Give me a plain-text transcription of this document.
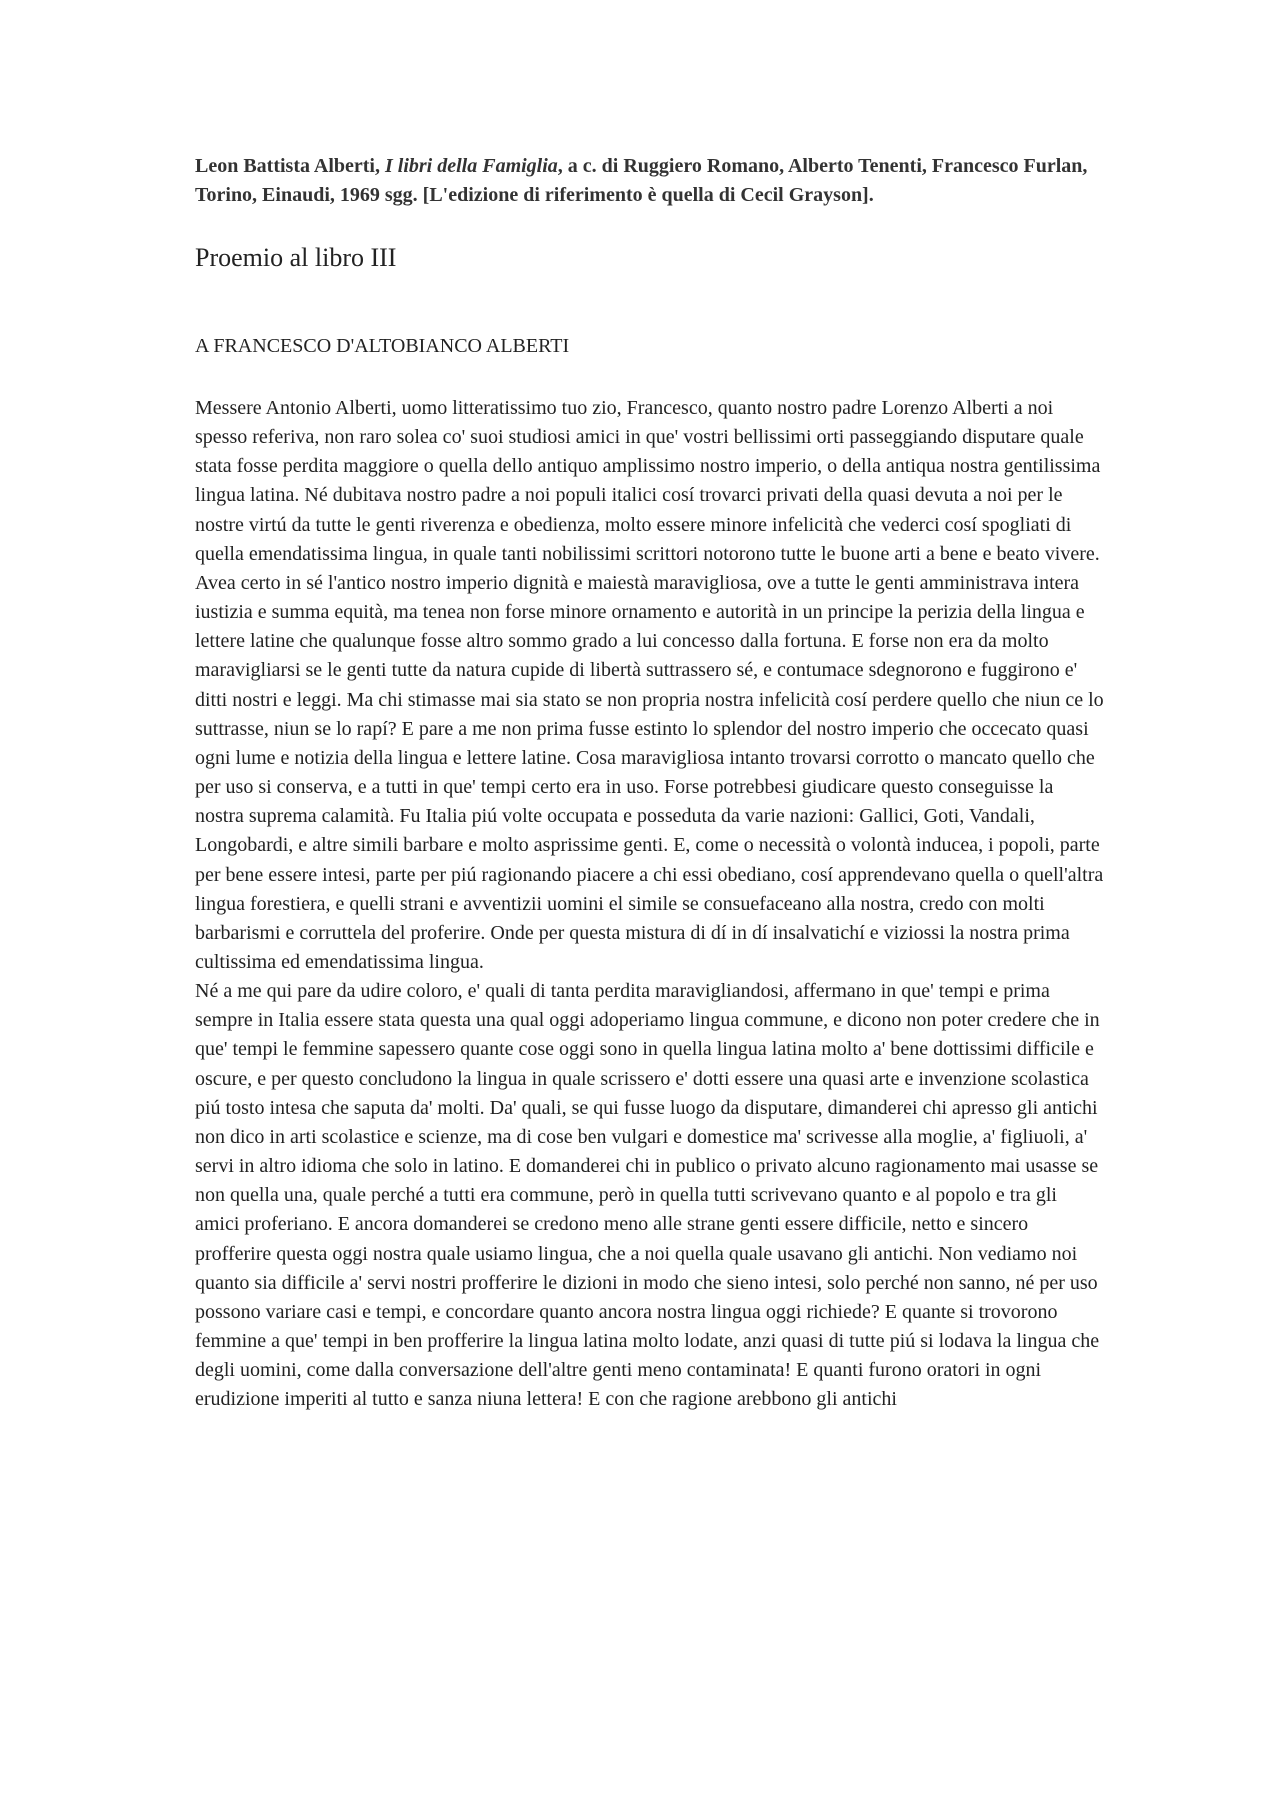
Leon Battista Alberti, I libri della Famiglia, a c. di Ruggiero Romano, Alberto Tenenti, Francesco Furlan, Torino, Einaudi, 1969 sgg. [L'edizione di riferimento è quella di Cecil Grayson].

Proemio al libro III
A FRANCESCO D'ALTOBIANCO ALBERTI

Messere Antonio Alberti, uomo litteratissimo tuo zio, Francesco, quanto nostro padre Lorenzo Alberti a noi spesso referiva, non raro solea co' suoi studiosi amici in que' vostri bellissimi orti passeggiando disputare quale stata fosse perdita maggiore o quella dello antiquo amplissimo nostro imperio, o della antiqua nostra gentilissima lingua latina. Né dubitava nostro padre a noi populi italici cosí trovarci privati della quasi devuta a noi per le nostre virtú da tutte le genti riverenza e obedienza, molto essere minore infelicità che vederci cosí spogliati di quella emendatissima lingua, in quale tanti nobilissimi scrittori notorono tutte le buone arti a bene e beato vivere. Avea certo in sé l'antico nostro imperio dignità e maiestà maravigliosa, ove a tutte le genti amministrava intera iustizia e summa equità, ma tenea non forse minore ornamento e autorità in un principe la perizia della lingua e lettere latine che qualunque fosse altro sommo grado a lui concesso dalla fortuna. E forse non era da molto maravigliarsi se le genti tutte da natura cupide di libertà suttrassero sé, e contumace sdegnorono e fuggirono e' ditti nostri e leggi. Ma chi stimasse mai sia stato se non propria nostra infelicità cosí perdere quello che niun ce lo suttrasse, niun se lo rapí? E pare a me non prima fusse estinto lo splendor del nostro imperio che occecato quasi ogni lume e notizia della lingua e lettere latine. Cosa maravigliosa intanto trovarsi corrotto o mancato quello che per uso si conserva, e a tutti in que' tempi certo era in uso. Forse potrebbesi giudicare questo conseguisse la nostra suprema calamità. Fu Italia piú volte occupata e posseduta da varie nazioni: Gallici, Goti, Vandali, Longobardi, e altre simili barbare e molto asprissime genti. E, come o necessità o volontà inducea, i popoli, parte per bene essere intesi, parte per piú ragionando piacere a chi essi obediano, cosí apprendevano quella o quell'altra lingua forestiera, e quelli strani e avventizii uomini el simile se consuefaceano alla nostra, credo con molti barbarismi e corruttela del proferire. Onde per questa mistura di dí in dí insalvatichí e viziossi la nostra prima cultissima ed emendatissima lingua.

Né a me qui pare da udire coloro, e' quali di tanta perdita maravigliandosi, affermano in que' tempi e prima sempre in Italia essere stata questa una qual oggi adoperiamo lingua commune, e dicono non poter credere che in que' tempi le femmine sapessero quante cose oggi sono in quella lingua latina molto a' bene dottissimi difficile e oscure, e per questo concludono la lingua in quale scrissero e' dotti essere una quasi arte e invenzione scolastica piú tosto intesa che saputa da' molti. Da' quali, se qui fusse luogo da disputare, dimanderei chi apresso gli antichi non dico in arti scolastice e scienze, ma di cose ben vulgari e domestice ma' scrivesse alla moglie, a' figliuoli, a' servi in altro idioma che solo in latino. E domanderei chi in publico o privato alcuno ragionamento mai usasse se non quella una, quale perché a tutti era commune, però in quella tutti scrivevano quanto e al popolo e tra gli amici proferiano. E ancora domanderei se credono meno alle strane genti essere difficile, netto e sincero profferire questa oggi nostra quale usiamo lingua, che a noi quella quale usavano gli antichi. Non vediamo noi quanto sia difficile a' servi nostri profferire le dizioni in modo che sieno intesi, solo perché non sanno, né per uso possono variare casi e tempi, e concordare quanto ancora nostra lingua oggi richiede? E quante si trovorono femmine a que' tempi in ben profferire la lingua latina molto lodate, anzi quasi di tutte piú si lodava la lingua che degli uomini, come dalla conversazione dell'altre genti meno contaminata! E quanti furono oratori in ogni erudizione imperiti al tutto e sanza niuna lettera! E con che ragione arebbono gli antichi
